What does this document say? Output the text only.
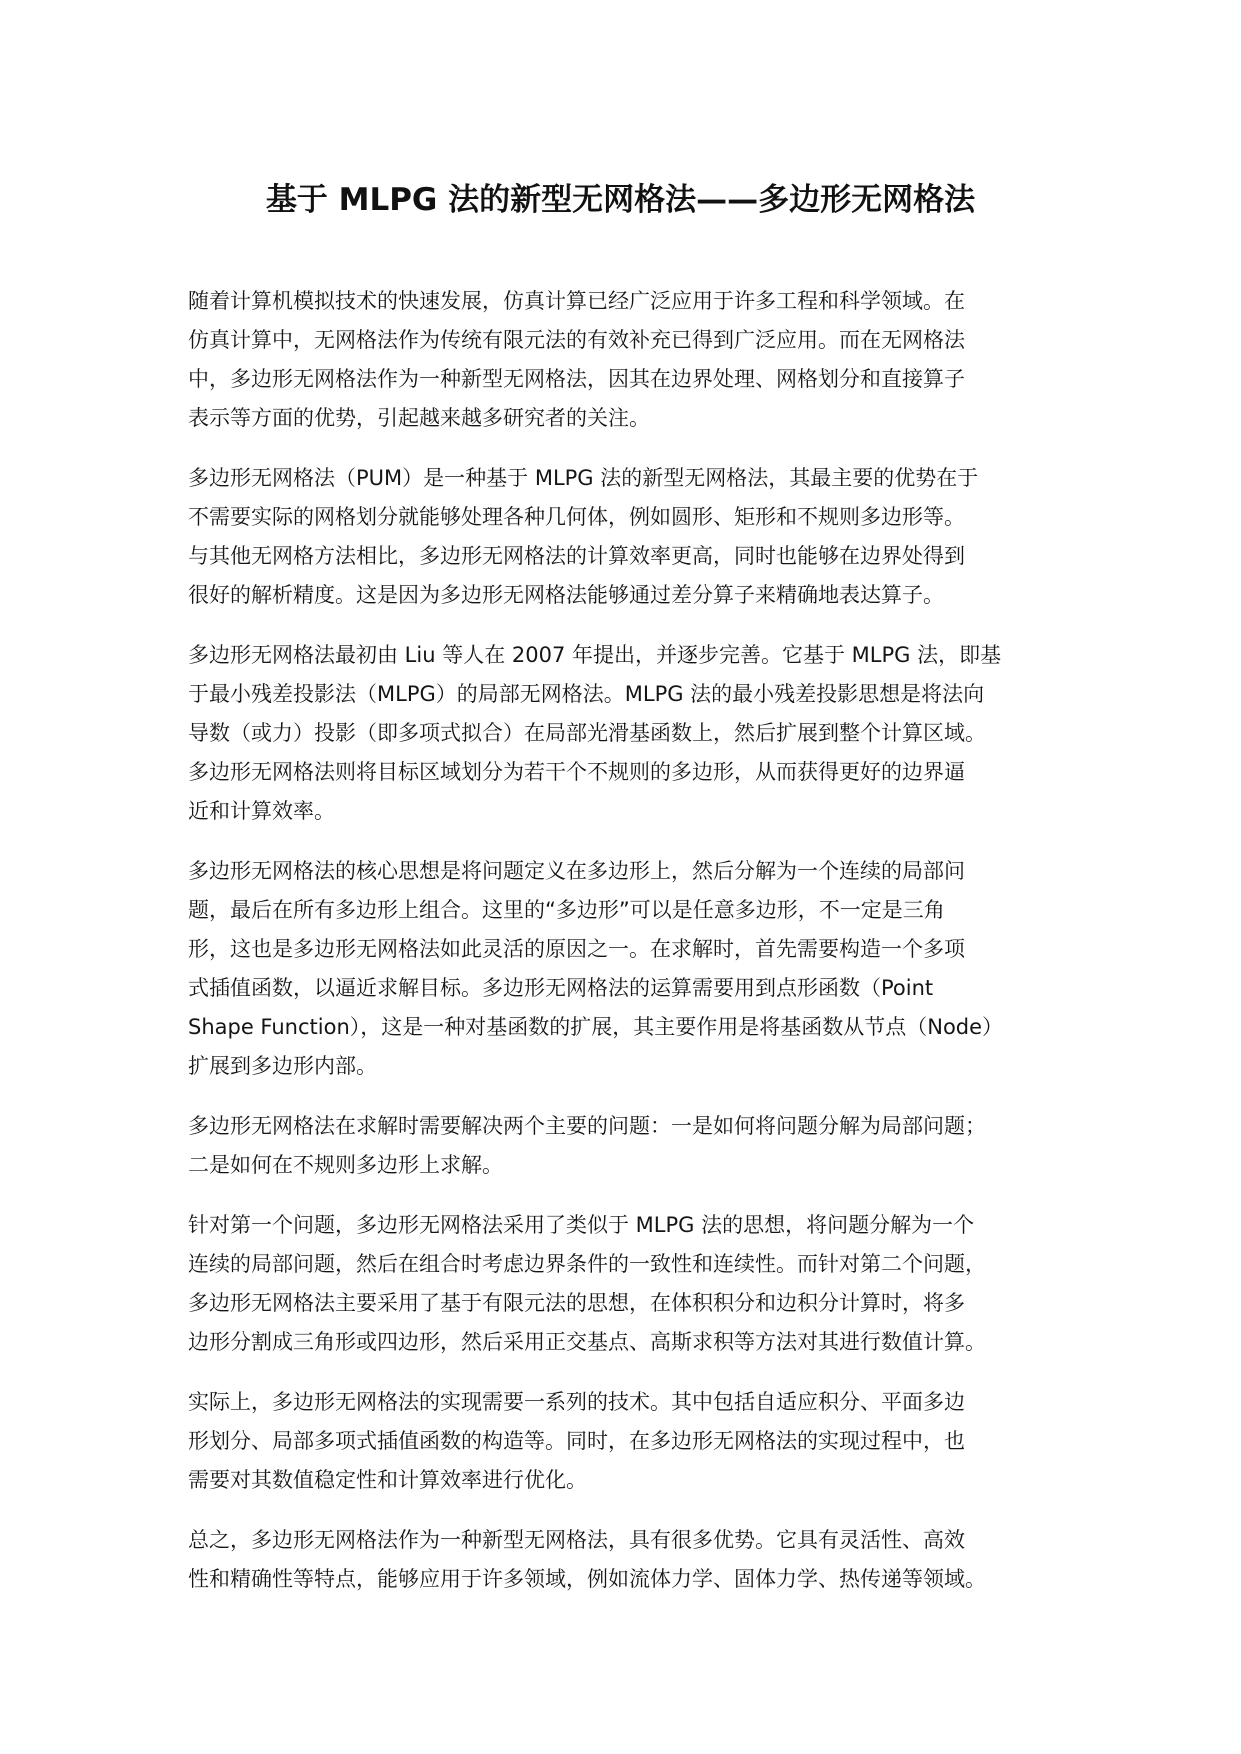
基于 MLPG 法的新型无网格法——多边形无网格法

随着计算机模拟技术的快速发展，仿真计算已经广泛应用于许多工程和科学领域。在
仿真计算中，无网格法作为传统有限元法的有效补充已得到广泛应用。而在无网格法
中，多边形无网格法作为一种新型无网格法，因其在边界处理、网格划分和直接算子
表示等方面的优势，引起越来越多研究者的关注。

多边形无网格法（PUM）是一种基于 MLPG 法的新型无网格法，其最主要的优势在于
不需要实际的网格划分就能够处理各种几何体，例如圆形、矩形和不规则多边形等。
与其他无网格方法相比，多边形无网格法的计算效率更高，同时也能够在边界处得到
很好的解析精度。这是因为多边形无网格法能够通过差分算子来精确地表达算子。

多边形无网格法最初由 Liu 等人在 2007 年提出，并逐步完善。它基于 MLPG 法，即基
于最小残差投影法（MLPG）的局部无网格法。MLPG 法的最小残差投影思想是将法向
导数（或力）投影（即多项式拟合）在局部光滑基函数上，然后扩展到整个计算区域。
多边形无网格法则将目标区域划分为若干个不规则的多边形，从而获得更好的边界逼
近和计算效率。

多边形无网格法的核心思想是将问题定义在多边形上，然后分解为一个连续的局部问
题，最后在所有多边形上组合。这里的“多边形”可以是任意多边形，不一定是三角
形，这也是多边形无网格法如此灵活的原因之一。在求解时，首先需要构造一个多项
式插值函数，以逼近求解目标。多边形无网格法的运算需要用到点形函数（Point
Shape Function），这是一种对基函数的扩展，其主要作用是将基函数从节点（Node）
扩展到多边形内部。

多边形无网格法在求解时需要解决两个主要的问题：一是如何将问题分解为局部问题；
二是如何在不规则多边形上求解。

针对第一个问题，多边形无网格法采用了类似于 MLPG 法的思想，将问题分解为一个
连续的局部问题，然后在组合时考虑边界条件的一致性和连续性。而针对第二个问题，
多边形无网格法主要采用了基于有限元法的思想，在体积积分和边积分计算时，将多
边形分割成三角形或四边形，然后采用正交基点、高斯求积等方法对其进行数值计算。

实际上，多边形无网格法的实现需要一系列的技术。其中包括自适应积分、平面多边
形划分、局部多项式插值函数的构造等。同时，在多边形无网格法的实现过程中，也
需要对其数值稳定性和计算效率进行优化。

总之，多边形无网格法作为一种新型无网格法，具有很多优势。它具有灵活性、高效
性和精确性等特点，能够应用于许多领域，例如流体力学、固体力学、热传递等领域。
